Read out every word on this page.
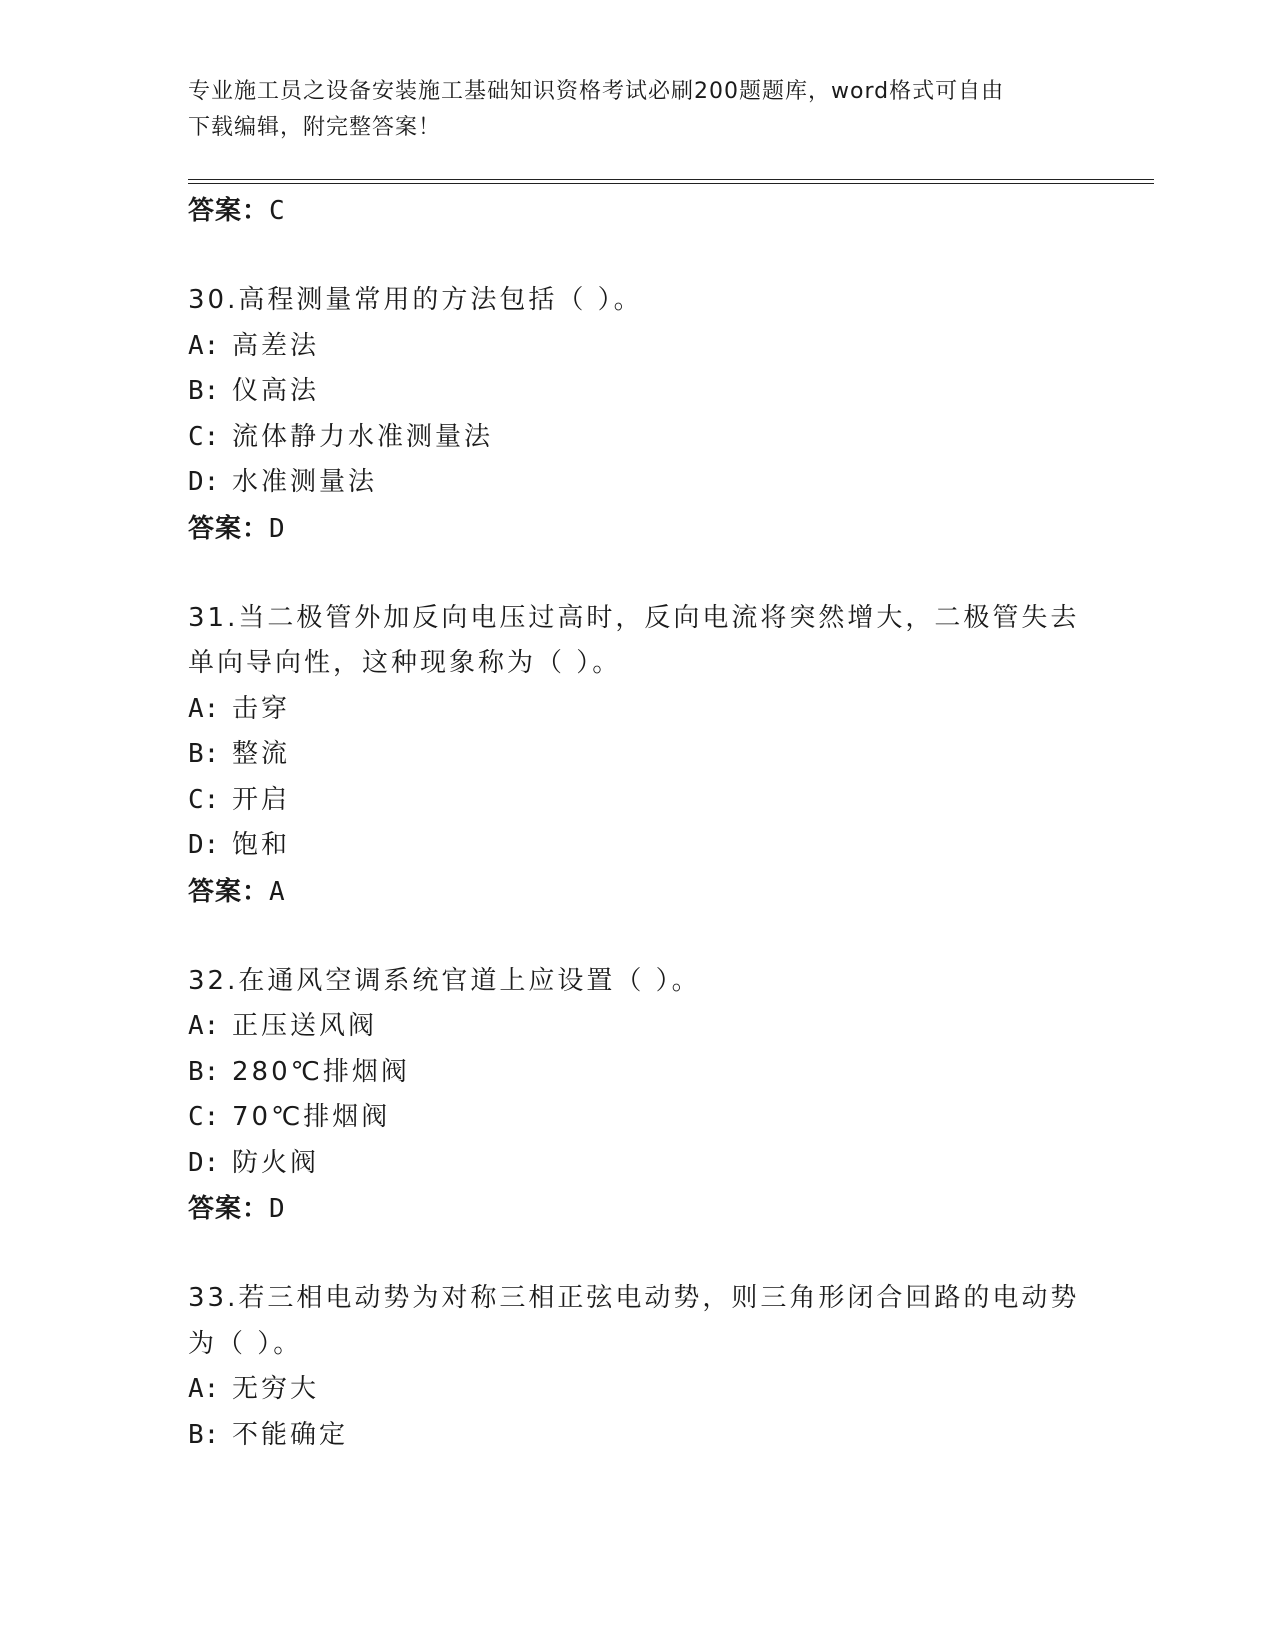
专业施工员之设备安装施工基础知识资格考试必刷200题题库，word格式可自由
下载编辑，附完整答案！
答案：C
30.高程测量常用的方法包括（ ）。
A: 高差法
B: 仪高法
C: 流体静力水准测量法
D: 水准测量法
答案：D
31.当二极管外加反向电压过高时，反向电流将突然增大，二极管失去
单向导向性，这种现象称为（ ）。
A: 击穿
B: 整流
C: 开启
D: 饱和
答案：A
32.在通风空调系统官道上应设置（ ）。
A: 正压送风阀
B: 280℃排烟阀
C: 70℃排烟阀
D: 防火阀
答案：D
33.若三相电动势为对称三相正弦电动势，则三角形闭合回路的电动势
为（ ）。
A: 无穷大
B: 不能确定
